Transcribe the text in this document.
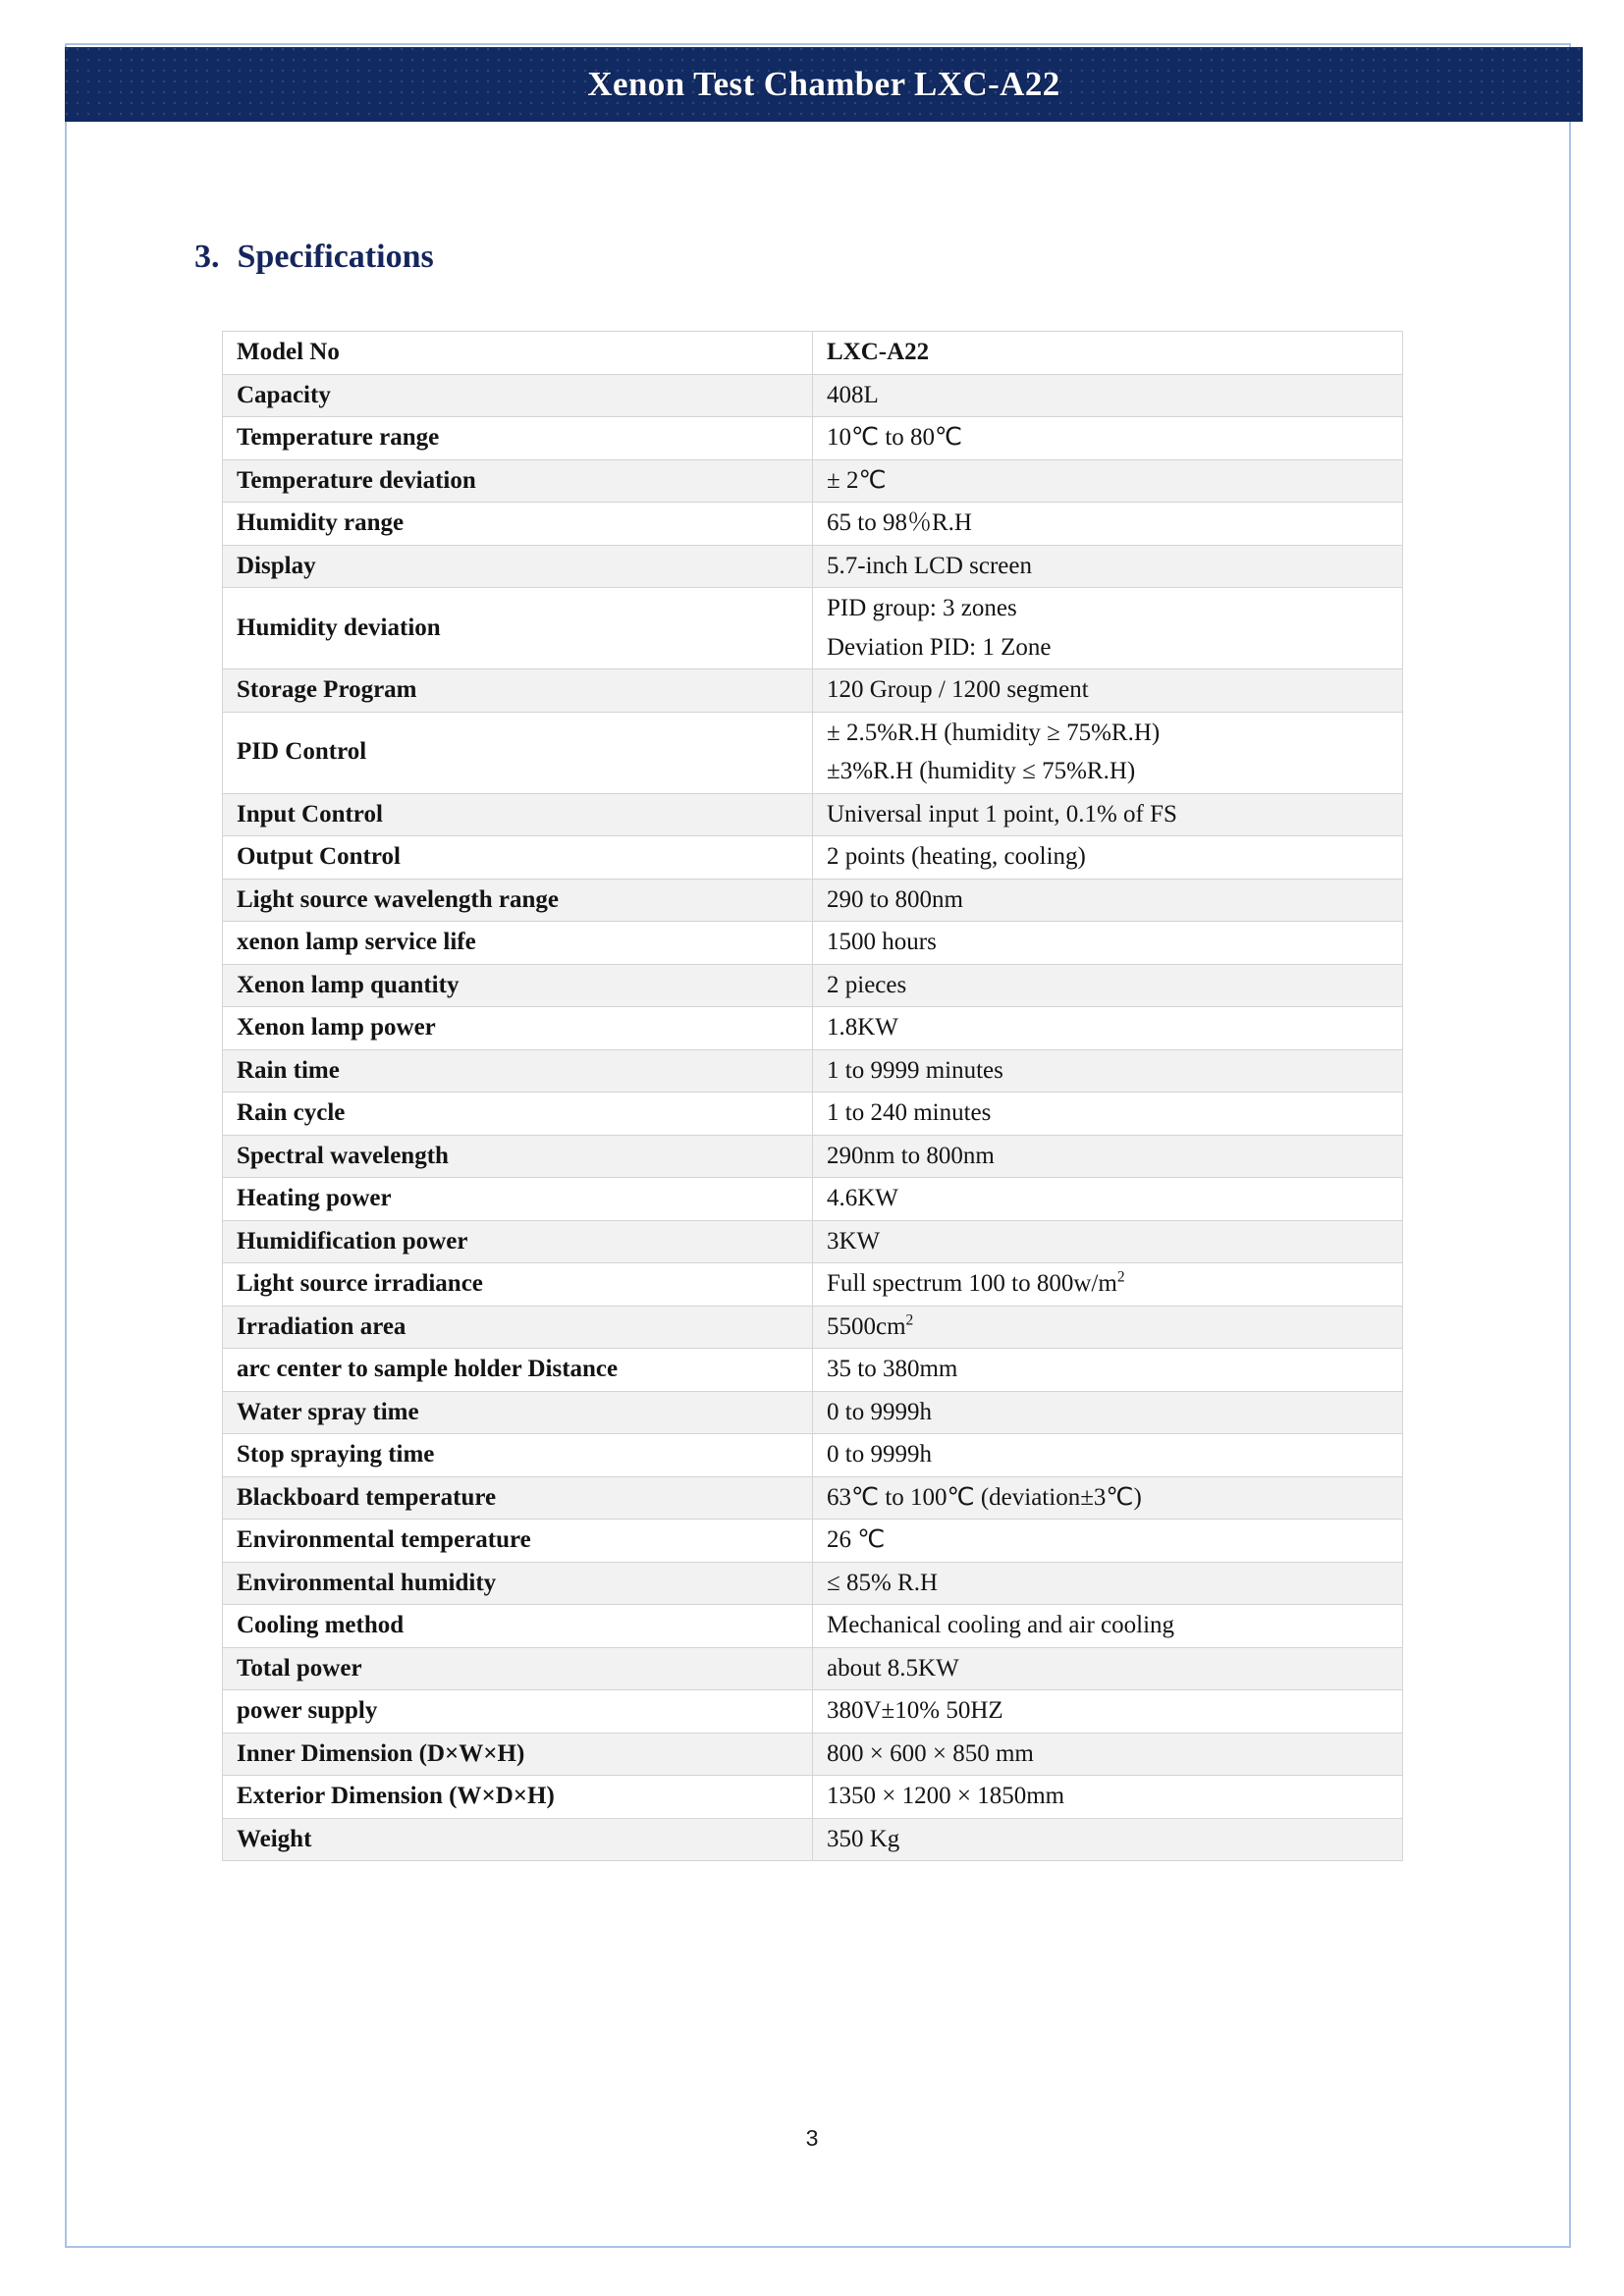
Xenon Test Chamber LXC-A22
3. Specifications
Model No	LXC-A22

Capacity	408L

Temperature range	10℃ to 80℃

Temperature deviation	± 2℃

Humidity range	65 to 98％R.H

Display	5.7-inch LCD screen

Humidity deviation	PID group: 3 zones
Deviation PID: 1 Zone

Storage Program	120 Group / 1200 segment

PID Control	± 2.5%R.H (humidity ≥ 75%R.H)
±3%R.H (humidity ≤ 75%R.H)

Input Control	Universal input 1 point, 0.1% of FS

Output Control	2 points (heating, cooling)

Light source wavelength range	290 to 800nm

xenon lamp service life	1500 hours

Xenon lamp quantity	2 pieces

Xenon lamp power	1.8KW

Rain time	1 to 9999 minutes

Rain cycle	1 to 240 minutes

Spectral wavelength	290nm to 800nm

Heating power	4.6KW

Humidification power	3KW

Light source irradiance	Full spectrum 100 to $800w/m^2$

Irradiation area	$5500cm^2$

arc center to sample holder Distance	35 to 380mm

Water spray time	0 to 9999h

Stop spraying time	0 to 9999h

Blackboard temperature	63℃ to 100℃ (deviation±3℃)

Environmental temperature	26 ℃

Environmental humidity	≤ 85% R.H

Cooling method	Mechanical cooling and air cooling

Total power	about 8.5KW

power supply	380V±10% 50HZ

Inner Dimension (D×W×H)	800 × 600 × 850 mm

Exterior Dimension (W×D×H)	1350 × 1200 × 1850mm

Weight	350 Kg
3
